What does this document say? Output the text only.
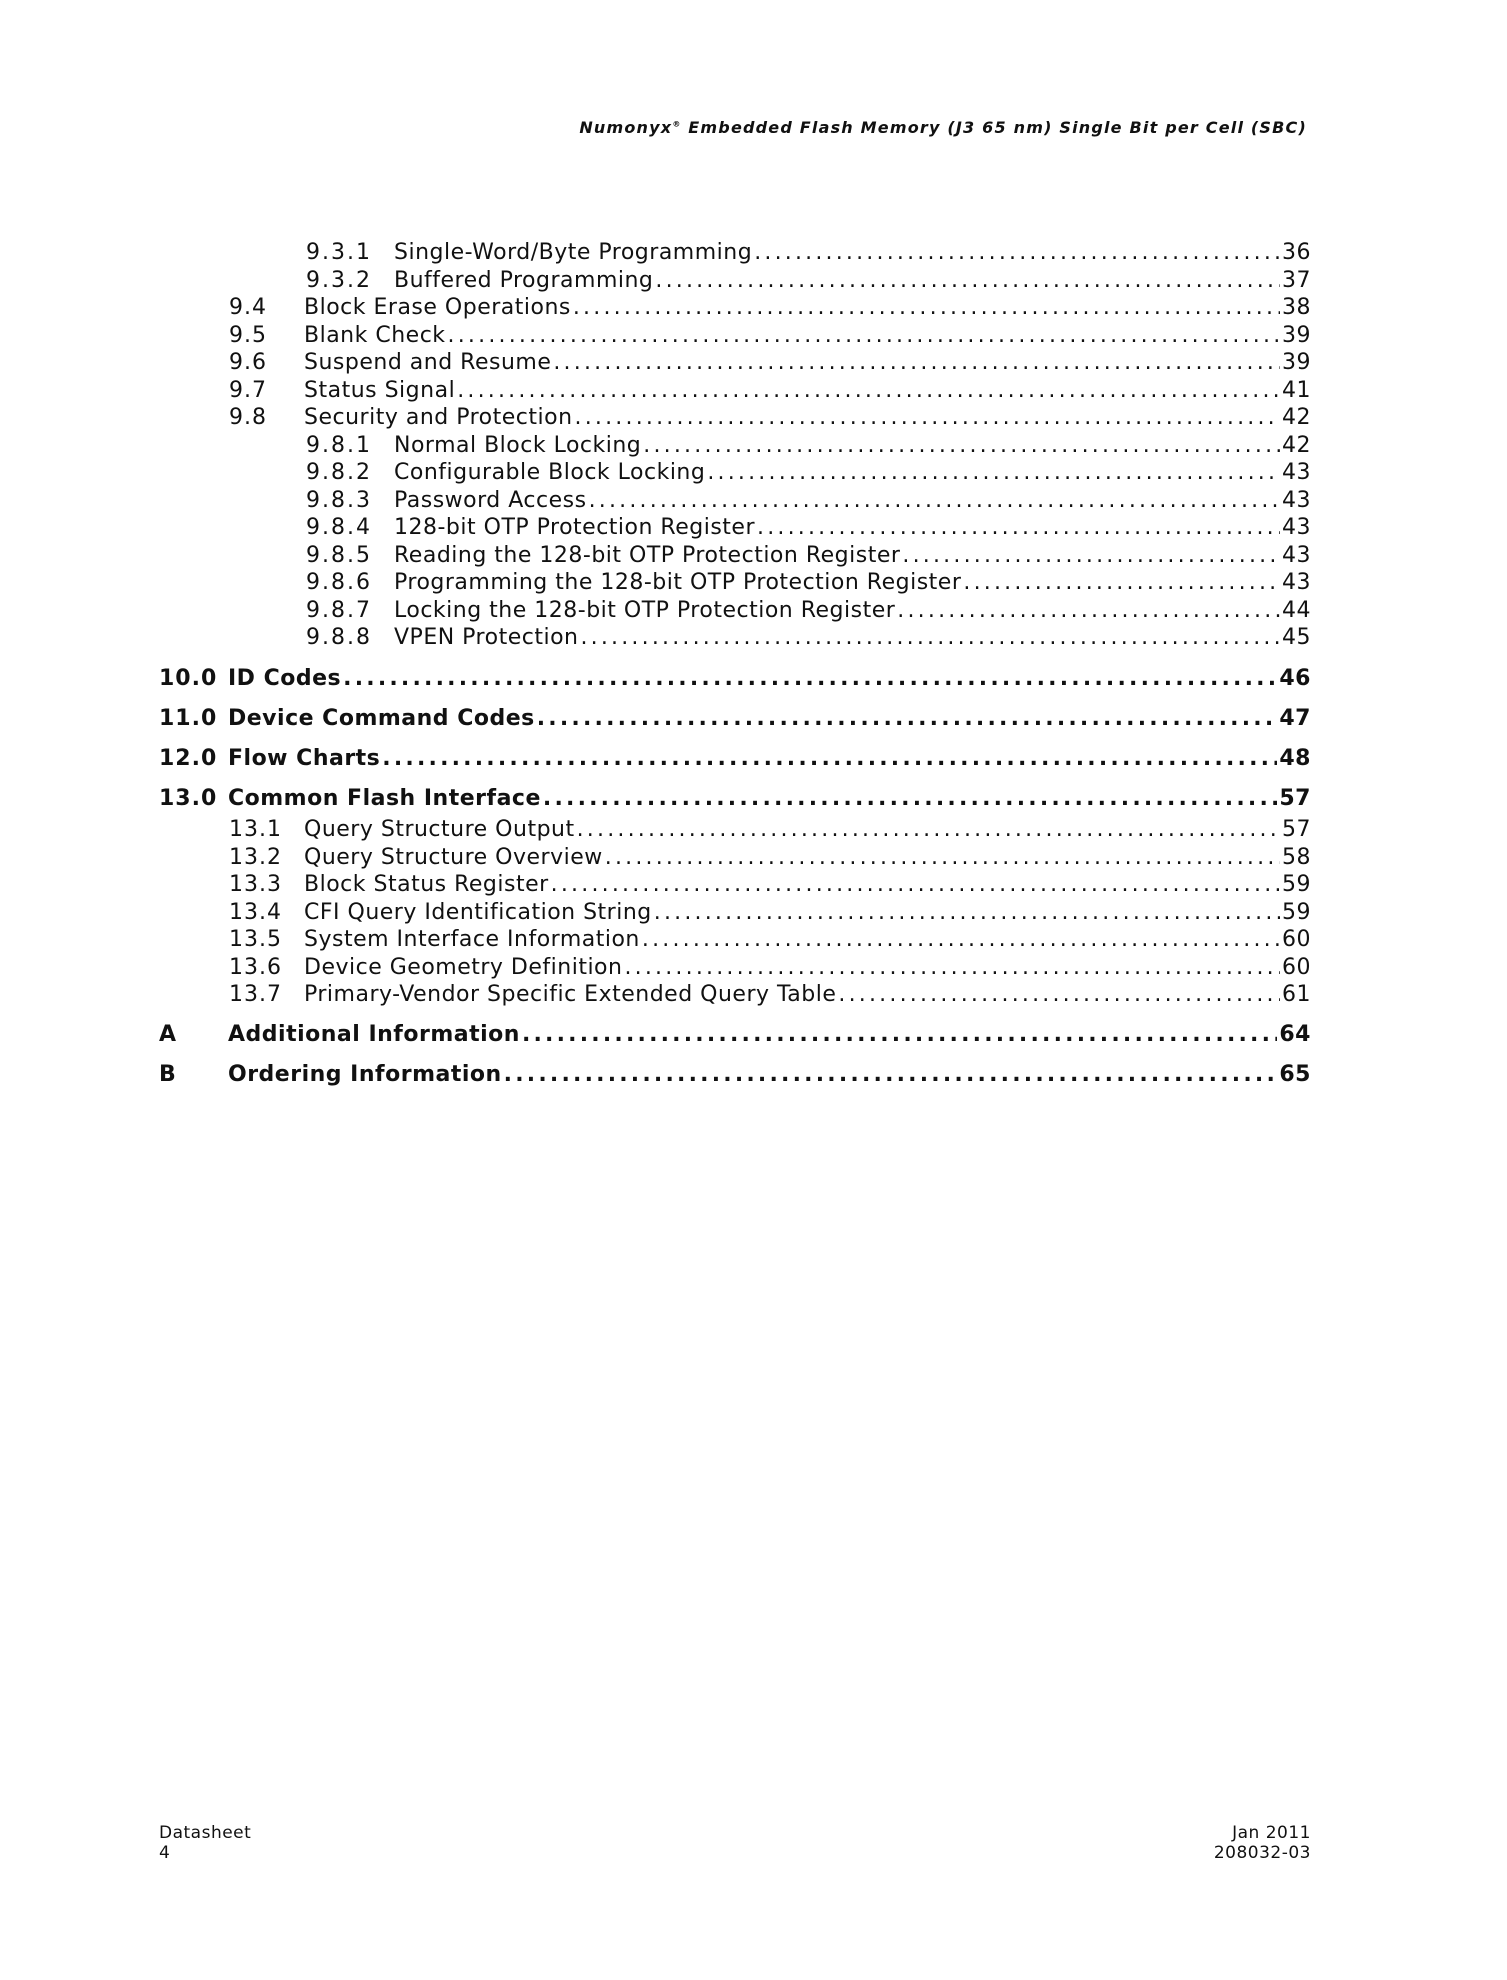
Numonyx® Embedded Flash Memory (J3 65 nm) Single Bit per Cell (SBC)
9.3.1 Single-Word/Byte Programming .....	36
9.3.2 Buffered Programming .....	37
9.4 Block Erase Operations .....	38
9.5 Blank Check .....	39
9.6 Suspend and Resume .....	39
9.7 Status Signal .....	41
9.8 Security and Protection .....	42
9.8.1 Normal Block Locking .....	42
9.8.2 Configurable Block Locking .....	43
9.8.3 Password Access .....	43
9.8.4 128-bit OTP Protection Register .....	43
9.8.5 Reading the 128-bit OTP Protection Register .....	43
9.8.6 Programming the 128-bit OTP Protection Register .....	43
9.8.7 Locking the 128-bit OTP Protection Register .....	44
9.8.8 VPEN Protection .....	45
10.0 ID Codes .....	46
11.0 Device Command Codes .....	47
12.0 Flow Charts .....	48
13.0 Common Flash Interface .....	57
13.1 Query Structure Output .....	57
13.2 Query Structure Overview .....	58
13.3 Block Status Register .....	59
13.4 CFI Query Identification String .....	59
13.5 System Interface Information .....	60
13.6 Device Geometry Definition .....	60
13.7 Primary-Vendor Specific Extended Query Table .....	61
A Additional Information .....	64
B Ordering Information .....	65
Datasheet
4
Jan 2011
208032-03
